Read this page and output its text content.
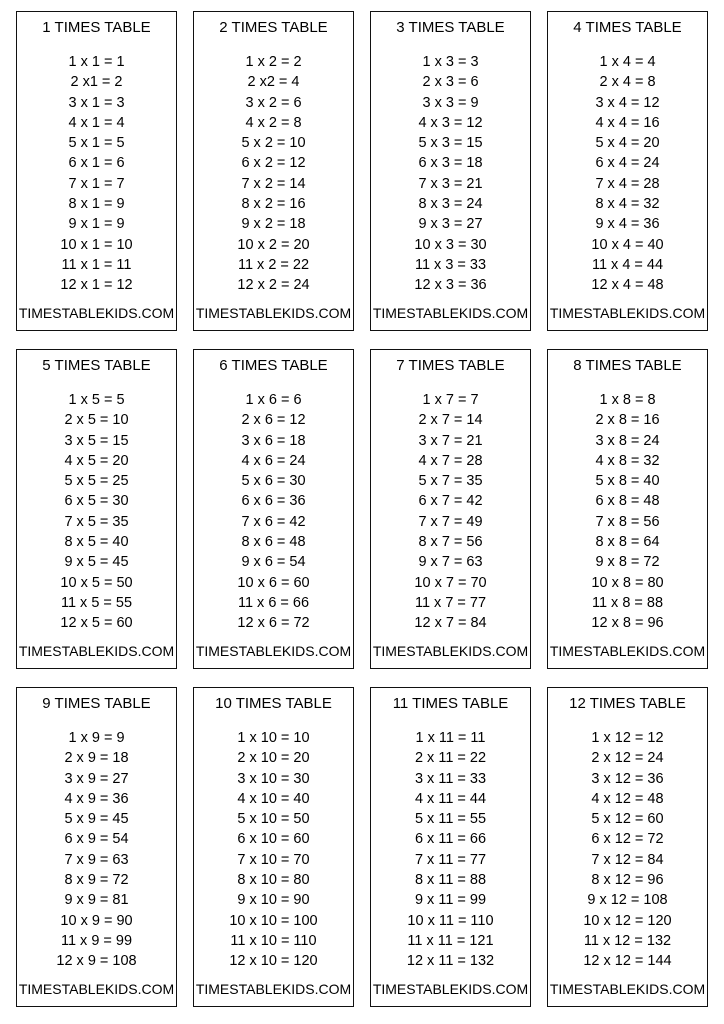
1 TIMES TABLE
1 x 1 = 1
2 x1 = 2
3 x 1 = 3
4 x 1 = 4
5 x 1 = 5
6 x 1 = 6
7 x 1 = 7
8 x 1 = 9
9 x 1 = 9
10 x 1 = 10
11 x 1 = 11
12 x 1 = 12
TIMESTABLEKIDS.COM
2 TIMES TABLE
1 x 2 = 2
2 x2 = 4
3 x 2 = 6
4 x 2 = 8
5 x 2 = 10
6 x 2 = 12
7 x 2 = 14
8 x 2 = 16
9 x 2 = 18
10 x 2 = 20
11 x 2 = 22
12 x 2 = 24
TIMESTABLEKIDS.COM
3 TIMES TABLE
1 x 3 = 3
2 x 3 = 6
3 x 3 = 9
4 x 3 = 12
5 x 3 = 15
6 x 3 = 18
7 x 3 = 21
8 x 3 = 24
9 x 3 = 27
10 x 3 = 30
11 x 3 = 33
12 x 3 = 36
TIMESTABLEKIDS.COM
4 TIMES TABLE
1 x 4 = 4
2 x 4 = 8
3 x 4 = 12
4 x 4 = 16
5 x 4 = 20
6 x 4 = 24
7 x 4 = 28
8 x 4 = 32
9 x 4 = 36
10 x 4 = 40
11 x 4 = 44
12 x 4 = 48
TIMESTABLEKIDS.COM
5 TIMES TABLE
1 x 5 = 5
2 x 5 = 10
3 x 5 = 15
4 x 5 = 20
5 x 5 = 25
6 x 5 = 30
7 x 5 = 35
8 x 5 = 40
9 x 5 = 45
10 x 5 = 50
11 x 5 = 55
12 x 5 = 60
TIMESTABLEKIDS.COM
6 TIMES TABLE
1 x 6 = 6
2 x 6 = 12
3 x 6 = 18
4 x 6 = 24
5 x 6 = 30
6 x 6 = 36
7 x 6 = 42
8 x 6 = 48
9 x 6 = 54
10 x 6 = 60
11 x 6 = 66
12 x 6 = 72
TIMESTABLEKIDS.COM
7 TIMES TABLE
1 x 7 = 7
2 x 7 = 14
3 x 7 = 21
4 x 7 = 28
5 x 7 = 35
6 x 7 = 42
7 x 7 = 49
8 x 7 = 56
9 x 7 = 63
10 x 7 = 70
11 x 7 = 77
12 x 7 = 84
TIMESTABLEKIDS.COM
8 TIMES TABLE
1 x 8 = 8
2 x 8 = 16
3 x 8 = 24
4 x 8 = 32
5 x 8 = 40
6 x 8 = 48
7 x 8 = 56
8 x 8 = 64
9 x 8 = 72
10 x 8 = 80
11 x 8 = 88
12 x 8 = 96
TIMESTABLEKIDS.COM
9 TIMES TABLE
1 x 9 = 9
2 x 9 = 18
3 x 9 = 27
4 x 9 = 36
5 x 9 = 45
6 x 9 = 54
7 x 9 = 63
8 x 9 = 72
9 x 9 = 81
10 x 9 = 90
11 x 9 = 99
12 x 9 = 108
TIMESTABLEKIDS.COM
10 TIMES TABLE
1 x 10 = 10
2 x 10 = 20
3 x 10 = 30
4 x 10 = 40
5 x 10 = 50
6 x 10 = 60
7 x 10 = 70
8 x 10 = 80
9 x 10 = 90
10 x 10 = 100
11 x 10 = 110
12 x 10 = 120
TIMESTABLEKIDS.COM
11 TIMES TABLE
1 x 11 = 11
2 x 11 = 22
3 x 11 = 33
4 x 11 = 44
5 x 11 = 55
6 x 11 = 66
7 x 11 = 77
8 x 11 = 88
9 x 11 = 99
10 x 11 = 110
11 x 11 = 121
12 x 11 = 132
TIMESTABLEKIDS.COM
12 TIMES TABLE
1 x 12 = 12
2 x 12 = 24
3 x 12 = 36
4 x 12 = 48
5 x 12 = 60
6 x 12 = 72
7 x 12 = 84
8 x 12 = 96
9 x 12 = 108
10 x 12 = 120
11 x 12 = 132
12 x 12 = 144
TIMESTABLEKIDS.COM
